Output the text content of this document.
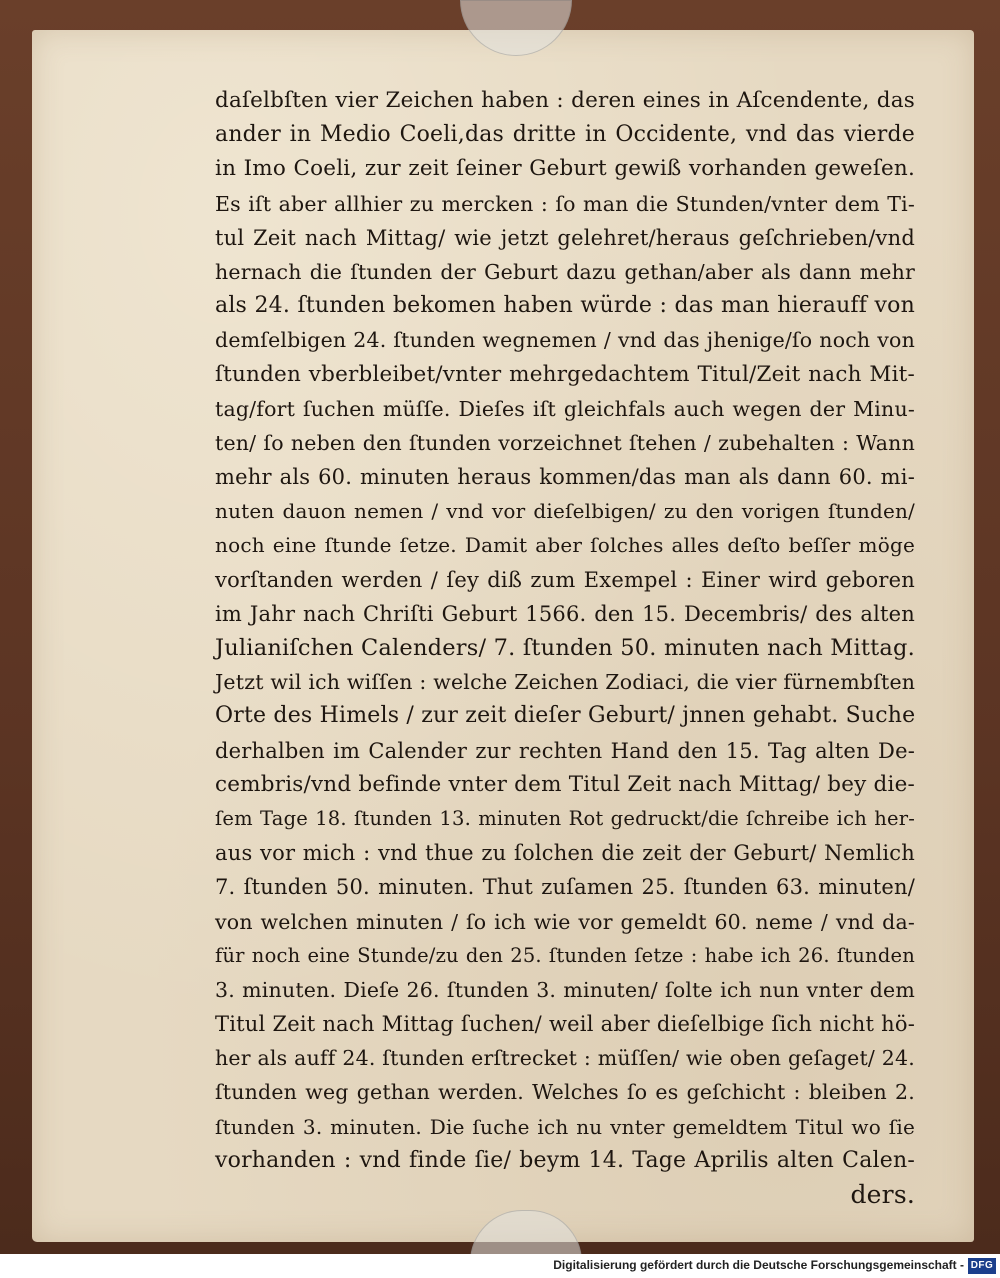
daſelbſten vier Zeichen haben : deren eines in Aſcendente, das
ander in Medio Coeli,das dritte in Occidente, vnd das vierde
in Imo Coeli, zur zeit ſeiner Geburt gewiß vorhanden geweſen.
Es iſt aber allhier zu mercken : ſo man die Stunden/vnter dem Ti-
tul Zeit nach Mittag/ wie jetzt gelehret/heraus geſchrieben/vnd
hernach die ſtunden der Geburt dazu gethan/aber als dann mehr
als 24. ſtunden bekomen haben würde : das man hierauff von
demſelbigen 24. ſtunden wegnemen / vnd das jhenige/ſo noch von
ſtunden vberbleibet/vnter mehrgedachtem Titul/Zeit nach Mit-
tag/fort ſuchen müſſe. Dieſes iſt gleichfals auch wegen der Minu-
ten/ ſo neben den ſtunden vorzeichnet ſtehen / zubehalten : Wann
mehr als 60. minuten heraus kommen/das man als dann 60. mi-
nuten dauon nemen / vnd vor dieſelbigen/ zu den vorigen ſtunden/
noch eine ſtunde ſetze. Damit aber ſolches alles deſto beſſer möge
vorſtanden werden / ſey diß zum Exempel : Einer wird geboren
im Jahr nach Chriſti Geburt 1566. den 15. Decembris/ des alten
Julianiſchen Calenders/ 7. ſtunden 50. minuten nach Mittag.
Jetzt wil ich wiſſen : welche Zeichen Zodiaci, die vier fürnembſten
Orte des Himels / zur zeit dieſer Geburt/ jnnen gehabt. Suche
derhalben im Calender zur rechten Hand den 15. Tag alten De-
cembris/vnd befinde vnter dem Titul Zeit nach Mittag/ bey die-
ſem Tage 18. ſtunden 13. minuten Rot gedruckt/die ſchreibe ich her-
aus vor mich : vnd thue zu ſolchen die zeit der Geburt/ Nemlich
7. ſtunden 50. minuten. Thut zuſamen 25. ſtunden 63. minuten/
von welchen minuten / ſo ich wie vor gemeldt 60. neme / vnd da-
für noch eine Stunde/zu den 25. ſtunden ſetze : habe ich 26. ſtunden
3. minuten. Dieſe 26. ſtunden 3. minuten/ ſolte ich nun vnter dem
Titul Zeit nach Mittag ſuchen/ weil aber dieſelbige ſich nicht hö-
her als auff 24. ſtunden erſtrecket : müſſen/ wie oben geſaget/ 24.
ſtunden weg gethan werden. Welches ſo es geſchicht : bleiben 2.
ſtunden 3. minuten. Die ſuche ich nu vnter gemeldtem Titul wo ſie
vorhanden : vnd finde ſie/ beym 14. Tage Aprilis alten Calen-
ders.
Digitalisierung gefördert durch die Deutsche Forschungsgemeinschaft - DFG
